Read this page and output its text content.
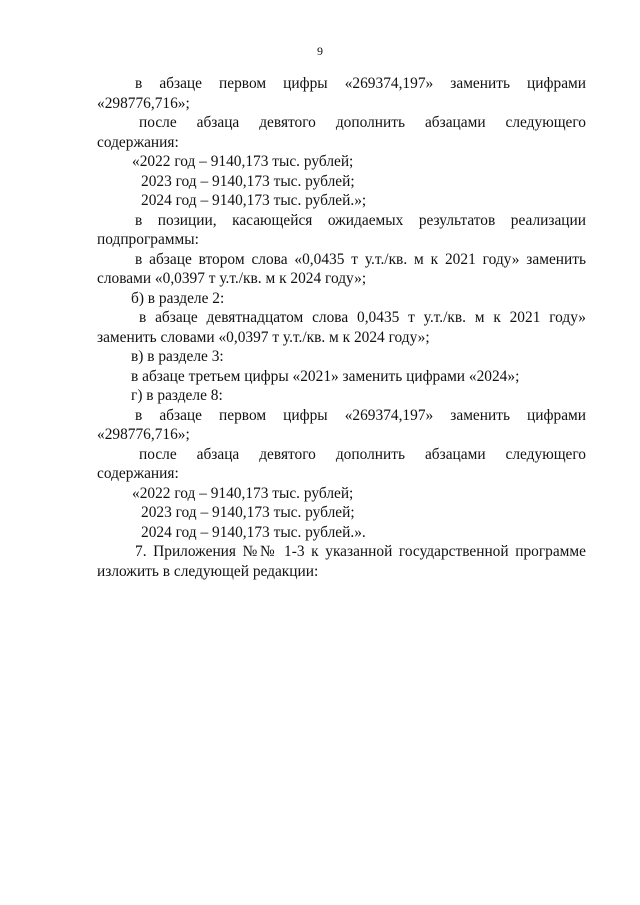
9
в абзаце первом цифры «269374,197» заменить цифрами
«298776,716»;
после абзаца девятого дополнить абзацами следующего содержания:
«2022 год – 9140,173 тыс. рублей;
2023 год – 9140,173 тыс. рублей;
2024 год – 9140,173 тыс. рублей.»;
в позиции, касающейся ожидаемых результатов реализации
подпрограммы:
в абзаце втором слова «0,0435 т у.т./кв. м к 2021 году» заменить
словами «0,0397 т у.т./кв. м к 2024 году»;
б) в разделе 2:
в абзаце девятнадцатом слова 0,0435 т у.т./кв. м к 2021 году»
заменить словами «0,0397 т у.т./кв. м к 2024 году»;
в) в разделе 3:
в абзаце третьем цифры «2021» заменить цифрами «2024»;
г) в разделе 8:
в абзаце первом цифры «269374,197» заменить цифрами
«298776,716»;
после абзаца девятого дополнить абзацами следующего содержания:
«2022 год – 9140,173 тыс. рублей;
2023 год – 9140,173 тыс. рублей;
2024 год – 9140,173 тыс. рублей.».
7. Приложения №№ 1-3 к указанной государственной программе
изложить в следующей редакции:
